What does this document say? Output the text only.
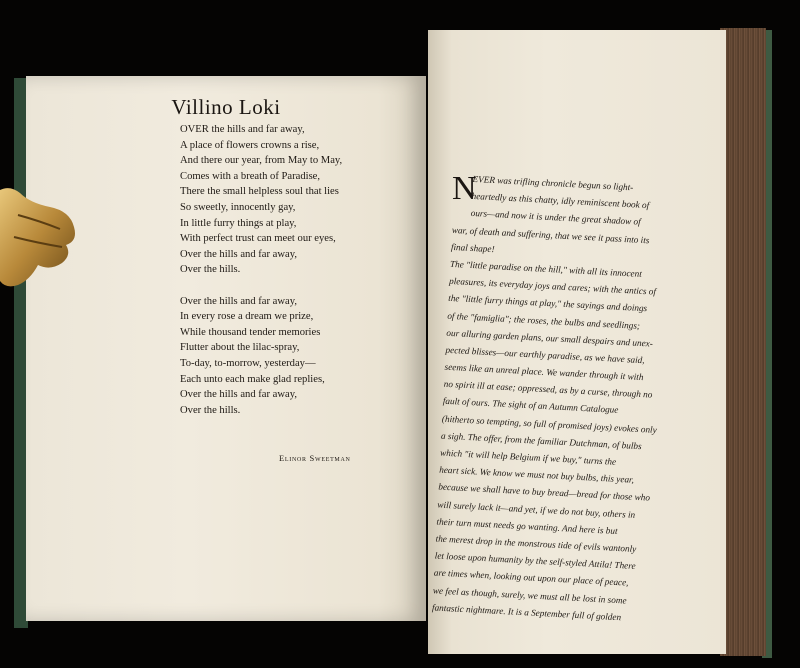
Villino Loki
OVER the hills and far away,
A place of flowers crowns a rise,
And there our year, from May to May,
Comes with a breath of Paradise,
There the small helpless soul that lies
So sweetly, innocently gay,
In little furry things at play,
With perfect trust can meet our eyes,
Over the hills and far away,
Over the hills.
Over the hills and far away,
In every rose a dream we prize,
While thousand tender memories
Flutter about the lilac-spray,
To-day, to-morrow, yesterday—
Each unto each make glad replies,
Over the hills and far away,
Over the hills.
Elinor Sweetman
EVER was trifling chronicle begun so light-
heartedly as this chatty, idly reminiscent book of
ours—and now it is under the great shadow of
war, of death and suffering, that we see it pass into its
final shape!
The "little paradise on the hill," with all its innocent
pleasures, its everyday joys and cares; with the antics of
the "little furry things at play," the sayings and doings
of the "famiglia"; the roses, the bulbs and seedlings;
our alluring garden plans, our small despairs and unex-
pected blisses—our earthly paradise, as we have said,
seems like an unreal place. We wander through it with
no spirit ill at ease; oppressed, as by a curse, through no
fault of ours. The sight of an Autumn Catalogue
(hitherto so tempting, so full of promised joys) evokes only
a sigh. The offer, from the familiar Dutchman, of bulbs
which "it will help Belgium if we buy," turns the
heart sick. We know we must not buy bulbs, this year,
because we shall have to buy bread—bread for those who
will surely lack it—and yet, if we do not buy, others in
their turn must needs go wanting. And here is but
the merest drop in the monstrous tide of evils wantonly
let loose upon humanity by the self-styled Attila! There
are times when, looking out upon our place of peace,
we feel as though, surely, we must all be lost in some
fantastic nightmare. It is a September full of golden
N
